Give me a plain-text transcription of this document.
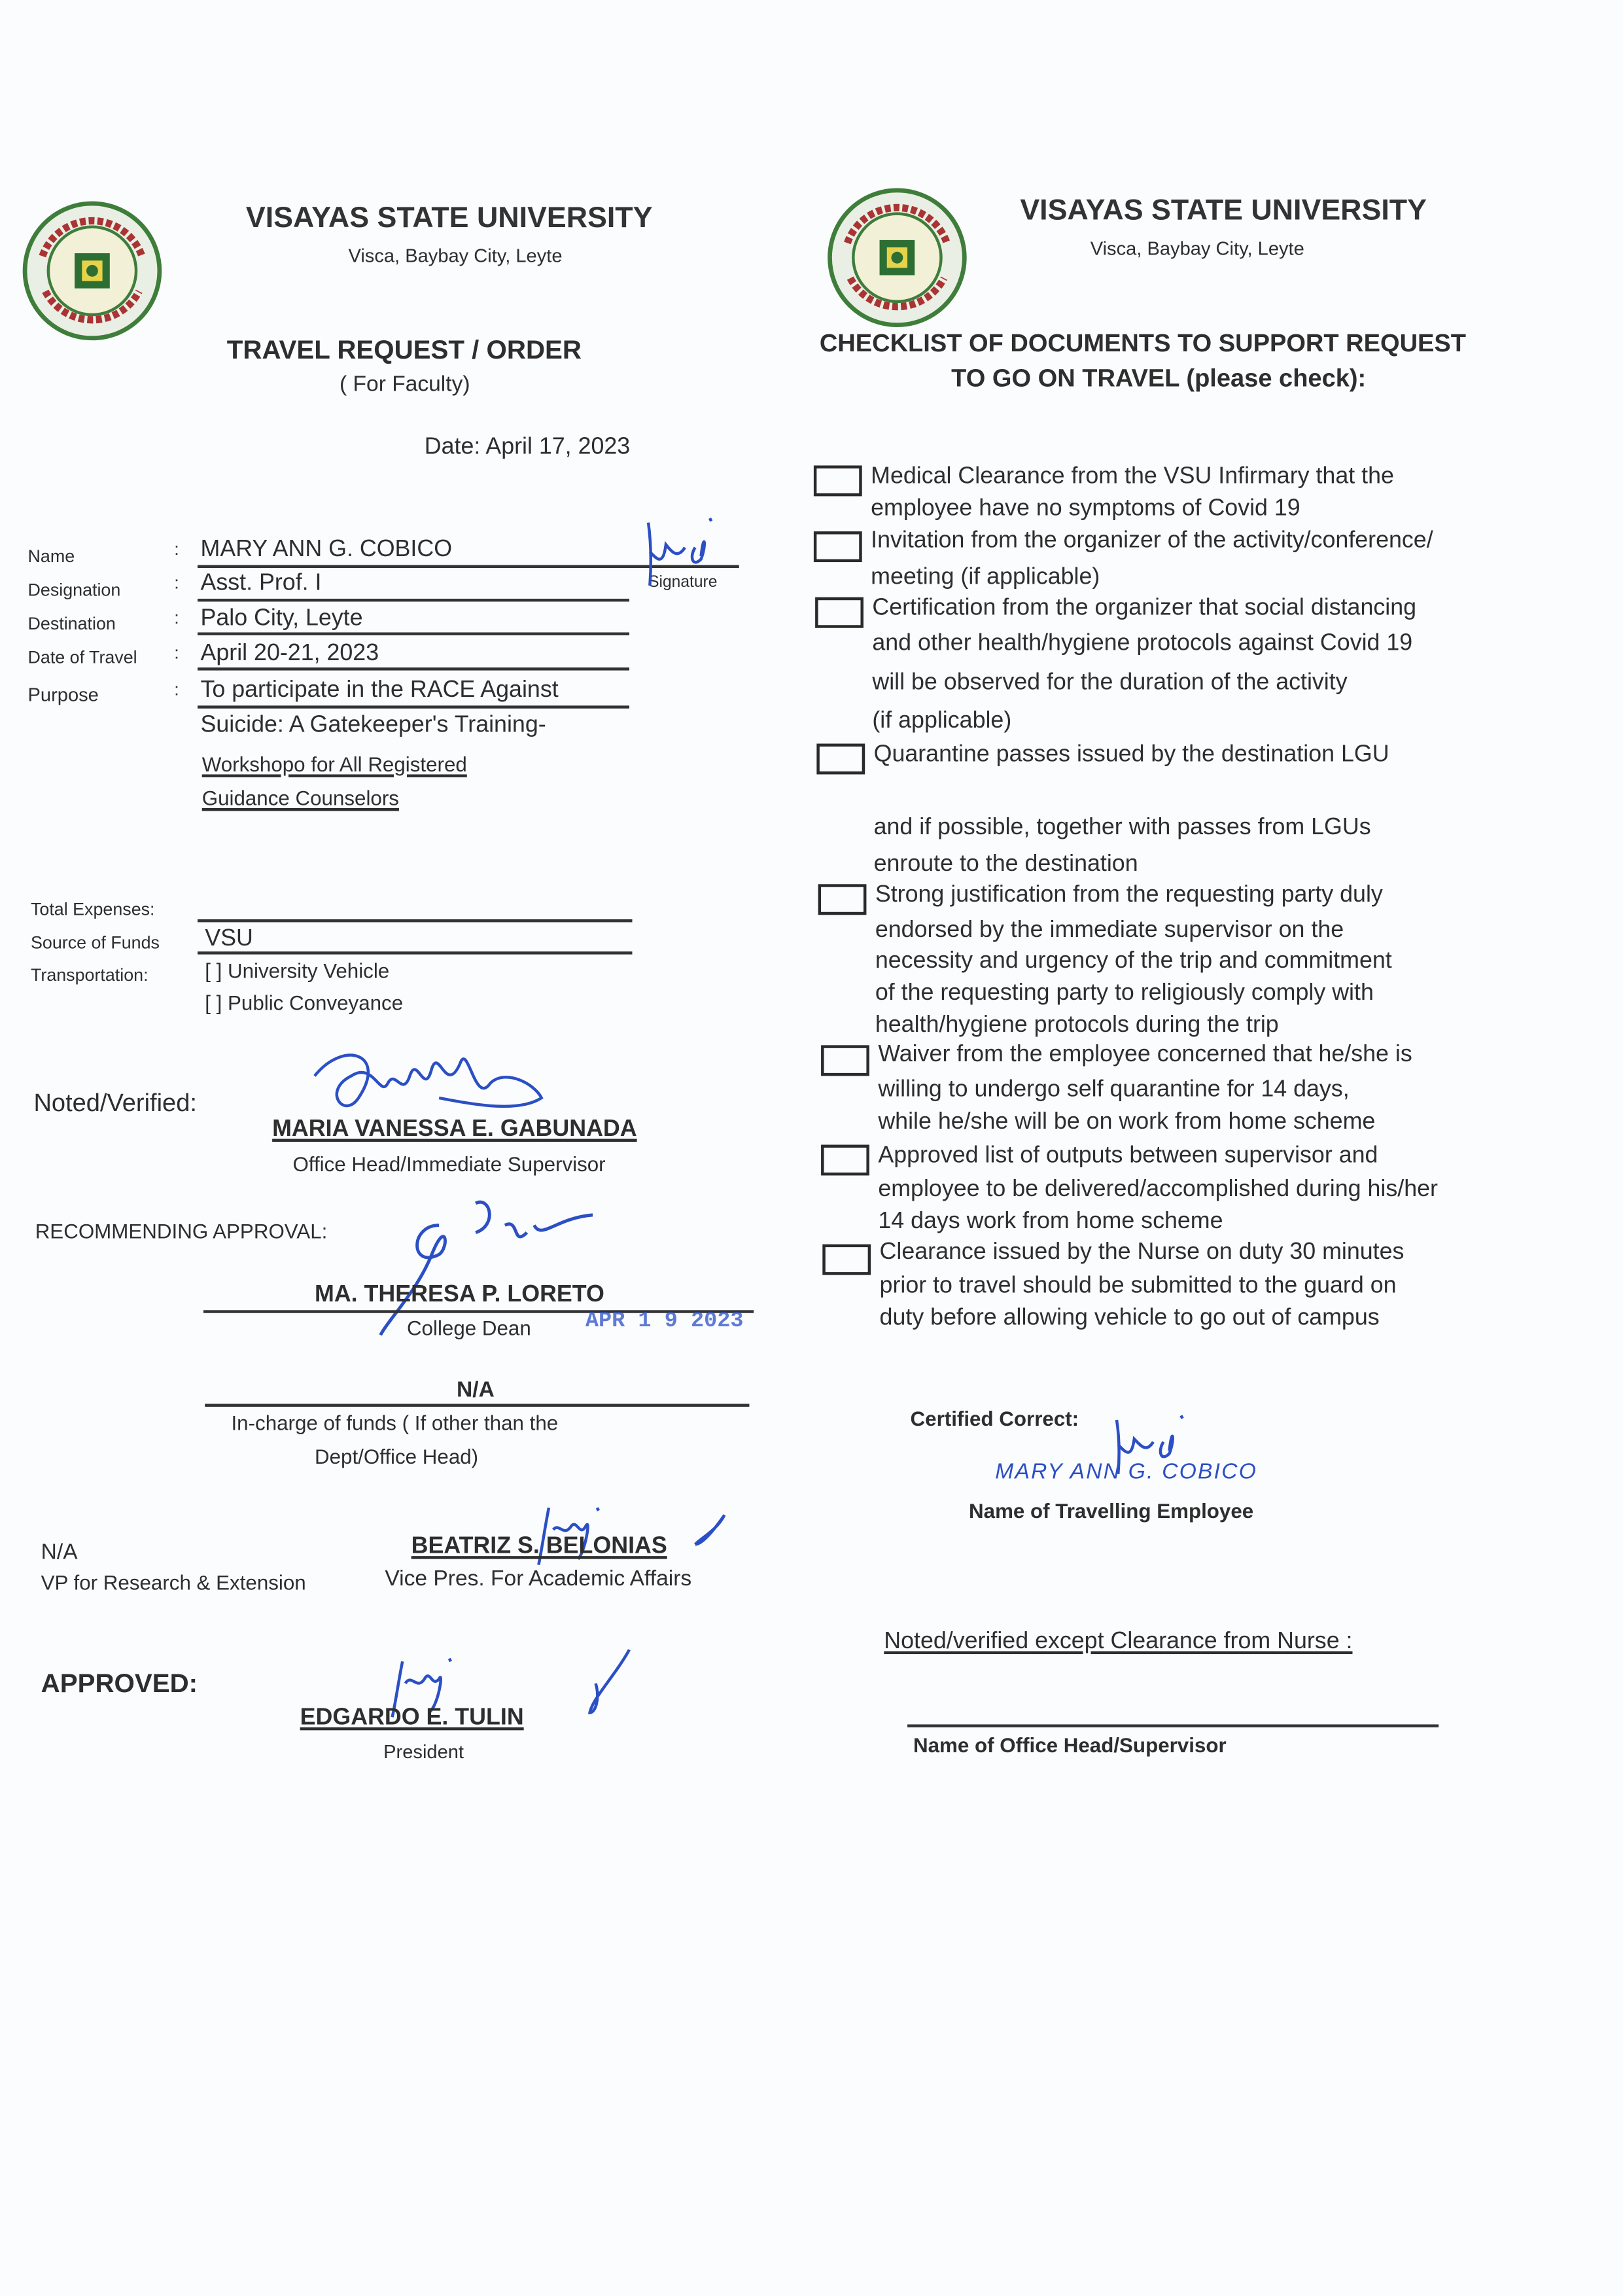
VISAYAS STATE UNIVERSITY
Visca, Baybay City, Leyte
TRAVEL REQUEST / ORDER
( For Faculty)
Date: April 17, 2023
Name	: MARY ANN G. COBICO
Signature
Designation	: Asst. Prof. I
Destination	: Palo City, Leyte
Date of Travel	: April 20-21, 2023
Purpose	: To participate in the RACE Against
Suicide: A Gatekeeper's Training-
Workshopo for All Registered
Guidance Counselors
Total Expenses:
Source of Funds	VSU
Transportation:	[ ] University Vehicle
[ ] Public Conveyance
Noted/Verified:
MARIA VANESSA E. GABUNADA
Office Head/Immediate Supervisor
RECOMMENDING APPROVAL:
MA. THERESA P. LORETO
College Dean	APR 1 9 2023
N/A
In-charge of funds ( If other than the
Dept/Office Head)
N/A
VP for Research & Extension
BEATRIZ S. BELONIAS
Vice Pres. For Academic Affairs
APPROVED:
EDGARDO E. TULIN
President
VISAYAS STATE UNIVERSITY
Visca, Baybay City, Leyte
CHECKLIST OF DOCUMENTS TO SUPPORT REQUEST
TO GO ON TRAVEL (please check):
Medical Clearance from the VSU Infirmary that the
employee have no symptoms of Covid 19
Invitation from the organizer of the activity/conference/
meeting (if applicable)
Certification from the organizer that social distancing
and other health/hygiene protocols against Covid 19
will be observed for the duration of the activity
(if applicable)
Quarantine passes issued by the destination LGU
and if possible, together with passes from LGUs
enroute to the destination
Strong justification from the requesting party duly
endorsed by the immediate supervisor on the
necessity and urgency of the trip and commitment
of the requesting party to religiously comply with
health/hygiene protocols during the trip
Waiver from the employee concerned that he/she is
willing to undergo self quarantine for 14 days,
while he/she will be on work from home scheme
Approved list of outputs between supervisor and
employee to be delivered/accomplished during his/her
14 days work from home scheme
Clearance issued by the Nurse on duty 30 minutes
prior to travel should be submitted to the guard on
duty before allowing vehicle to go out of campus
Certified Correct:
MARY ANN G. COBICO
Name of Travelling Employee
Noted/verified except Clearance from Nurse :
Name of Office Head/Supervisor
